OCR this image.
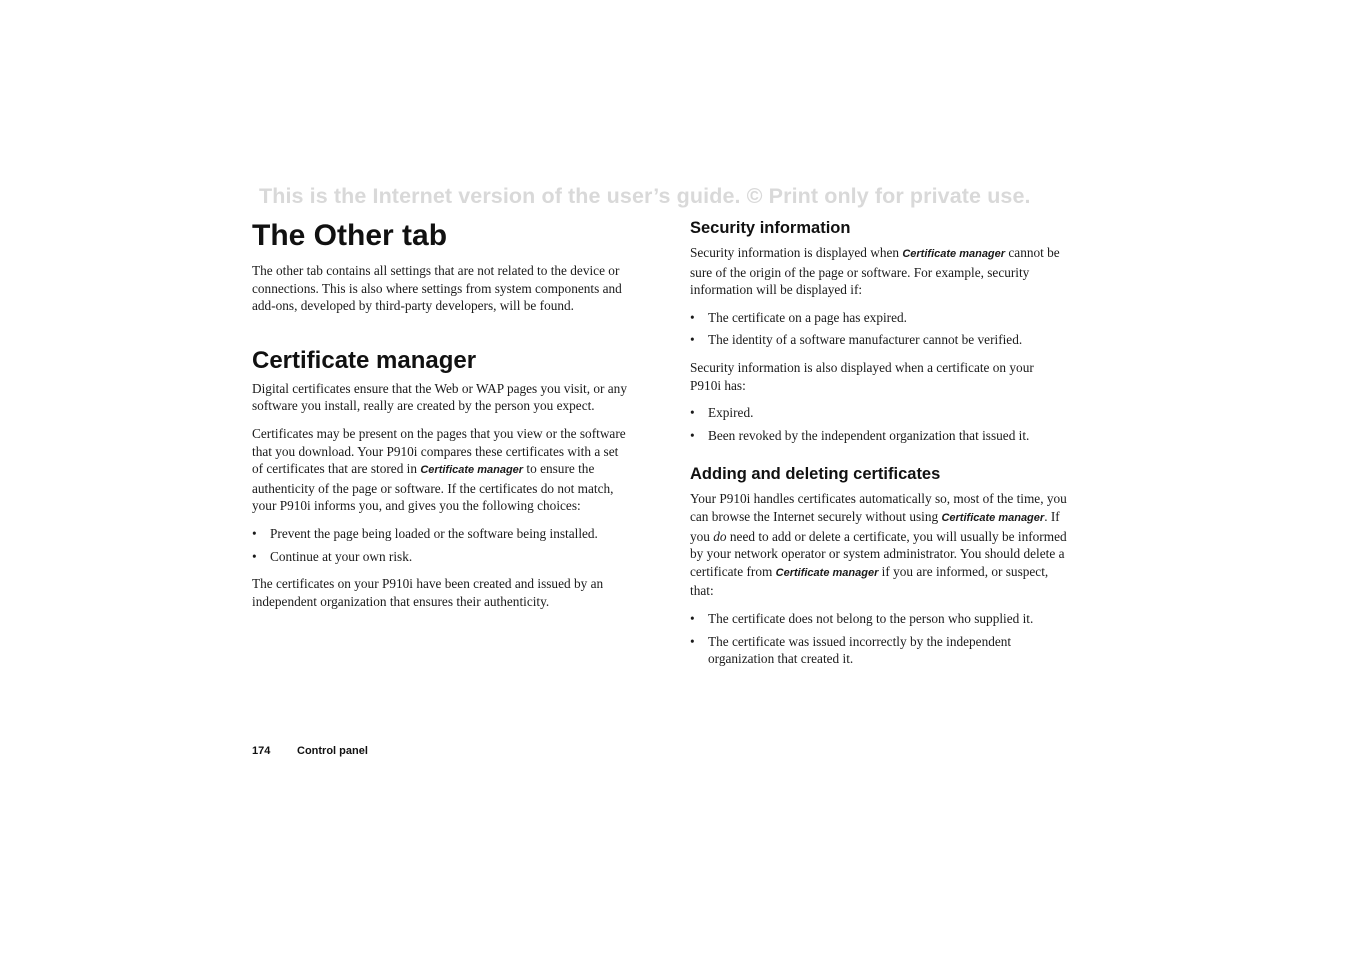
This is the Internet version of the user’s guide. © Print only for private use.
The Other tab

The other tab contains all settings that are not related to the device or connections. This is also where settings from system components and add-ons, developed by third-party developers, will be found.

Certificate manager

Digital certificates ensure that the Web or WAP pages you visit, or any software you install, really are created by the person you expect.

Certificates may be present on the pages that you view or the software that you download. Your P910i compares these certificates with a set of certificates that are stored in Certificate manager to ensure the authenticity of the page or software. If the certificates do not match, your P910i informs you, and gives you the following choices:

• Prevent the page being loaded or the software being installed.
• Continue at your own risk.

The certificates on your P910i have been created and issued by an independent organization that ensures their authenticity.

Security information

Security information is displayed when Certificate manager cannot be sure of the origin of the page or software. For example, security information will be displayed if:

• The certificate on a page has expired.
• The identity of a software manufacturer cannot be verified.

Security information is also displayed when a certificate on your P910i has:

• Expired.
• Been revoked by the independent organization that issued it.
Adding and deleting certificates

Your P910i handles certificates automatically so, most of the time, you can browse the Internet securely without using Certificate manager. If you do need to add or delete a certificate, you will usually be informed by your network operator or system administrator. You should delete a certificate from Certificate manager if you are informed, or suspect, that:

• The certificate does not belong to the person who supplied it.
• The certificate was issued incorrectly by the independent organization that created it.
174 Control panel
